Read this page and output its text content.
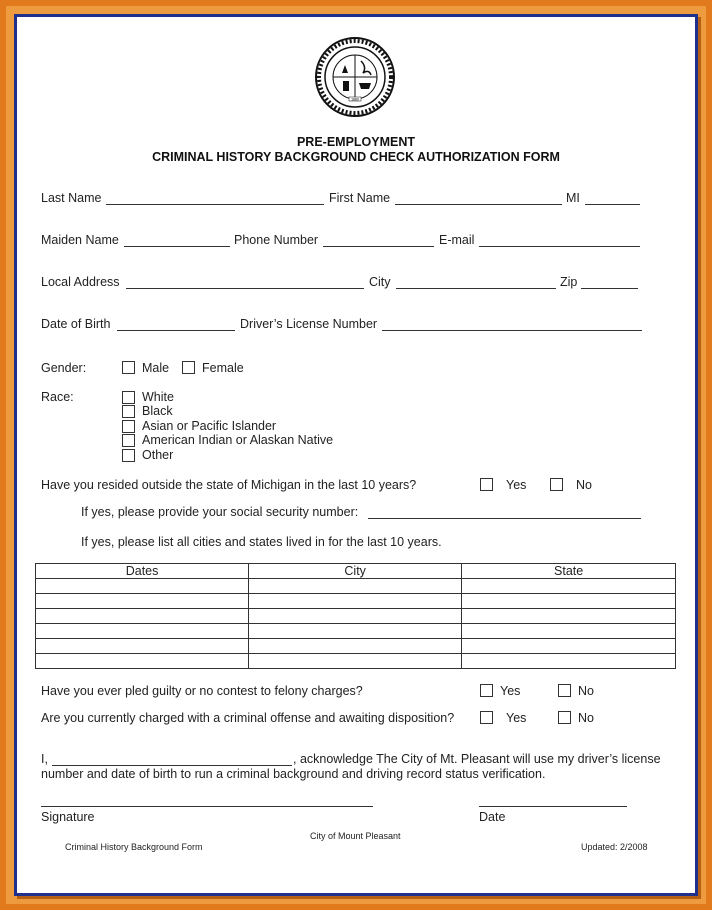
1889
PRE-EMPLOYMENT
CRIMINAL HISTORY BACKGROUND CHECK AUTHORIZATION FORM
Last Name	First Name	MI
Maiden Name	Phone Number	E-mail
Local Address	City	Zip
Date of Birth	Driver’s License Number
Gender:	Male	Female
Race:	White
Black
Asian or Pacific Islander
American Indian or Alaskan Native
Other
Have you resided outside the state of Michigan in the last 10 years?	Yes	No
If yes, please provide your social security number:
If yes, please list all cities and states lived in for the last 10 years.
Dates	City	State

Have you ever pled guilty or no contest to felony charges?	Yes	No
Are you currently charged with a criminal offense and awaiting disposition?	Yes	No
I,	, acknowledge The City of Mt. Pleasant will use my driver’s license
number and date of birth to run a criminal background and driving record status verification.
Signature	Date
City of Mount Pleasant
Criminal History Background Form	Updated: 2/2008
